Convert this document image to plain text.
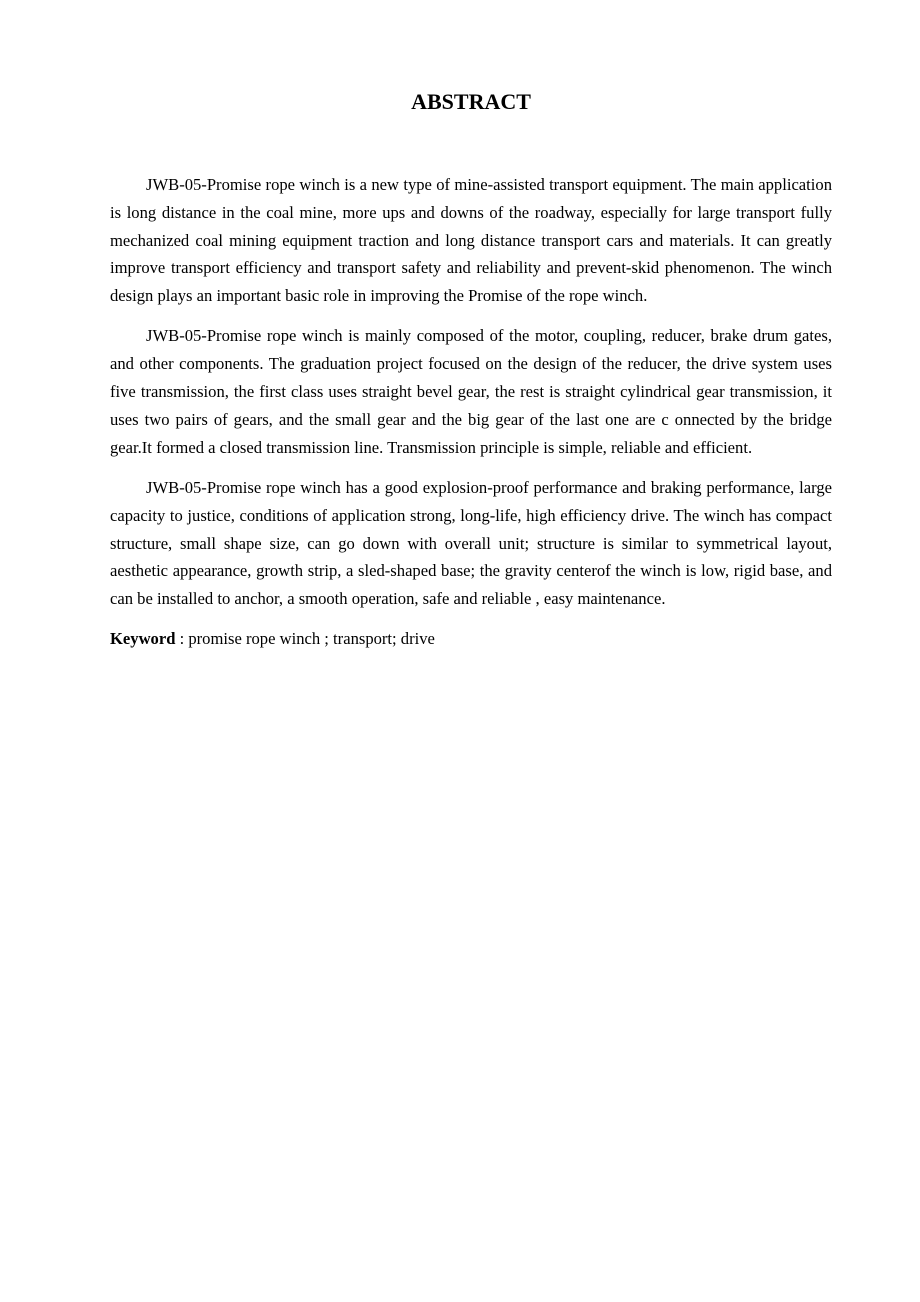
ABSTRACT

JWB-05-Promise rope winch is a new type of mine-assisted transport equipment. The main application is long distance in the coal mine, more ups and downs of the roadway, especially for large transport fully mechanized coal mining equipment traction and long distance transport cars and materials. It can greatly improve transport efficiency and transport safety and reliability and prevent-skid phenomenon. The winch design plays an important basic role in improving the Promise of the rope winch.

JWB-05-Promise rope winch is mainly composed of the motor, coupling, reducer, brake drum gates, and other components. The graduation project focused on the design of the reducer, the drive system uses five transmission, the first class uses straight bevel gear, the rest is straight cylindrical gear transmission, it uses two pairs of gears, and the small gear and the big gear of the last one are c onnected by the bridge gear.It formed a closed transmission line. Transmission principle is simple, reliable and efficient.

JWB-05-Promise rope winch has a good explosion-proof performance and braking performance, large capacity to justice, conditions of application strong, long-life, high efficiency drive. The winch has compact structure, small shape size, can go down with overall unit; structure is similar to symmetrical layout, aesthetic appearance, growth strip, a sled-shaped base; the gravity centerof the winch is low, rigid base, and can be installed to anchor, a smooth operation, safe and reliable , easy maintenance.

Keyword : promise rope winch ; transport; drive
